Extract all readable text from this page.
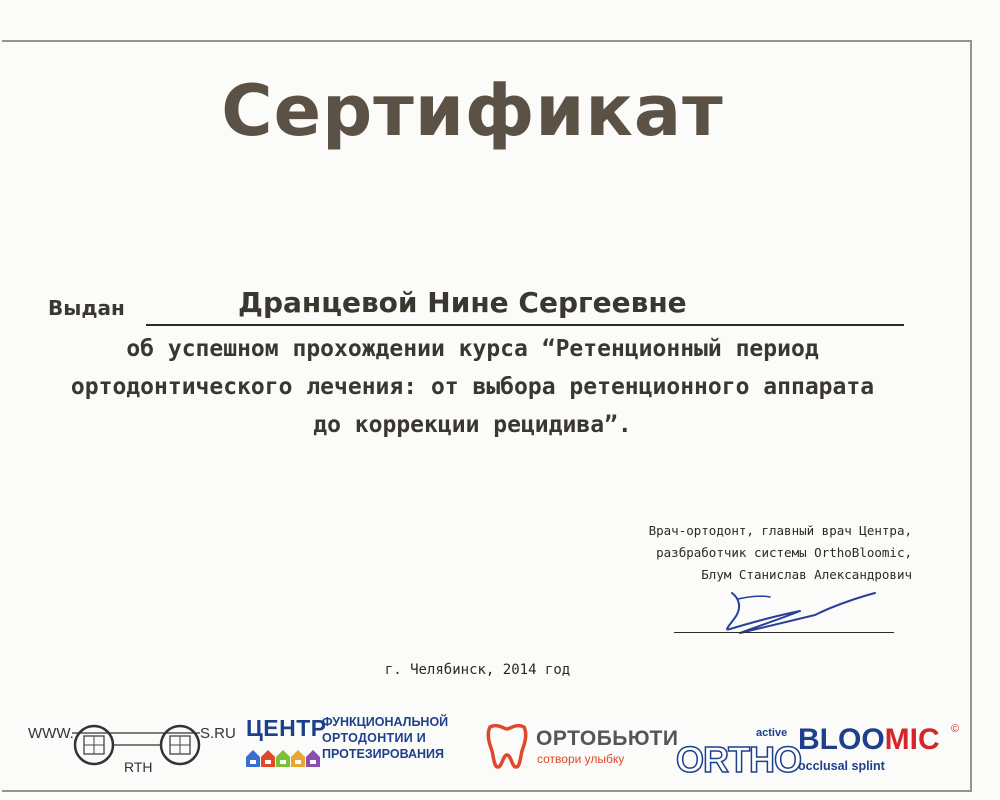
Сертификат
Выдан	Дранцевой Нине Сергеевне
об успешном прохождении курса “Ретенционный период
ортодонтического лечения: от выбора ретенционного аппарата
до коррекции рецидива”.
Врач-ортодонт, главный врач Центра,
разбработчик системы OrthoBloomic,
Блум Станислав Александрович
г. Челябинск, 2014 год
WWW.
RTH
S.RU ЦЕНТР
ФУНКЦИОНАЛЬНОЙ
ОРТОДОНТИИ И
ПРОТЕЗИРОВАНИЯ
ОРТОБЬЮТИ
сотвори улыбку
active
ORTHO
BLOOMIC ©
occlusal splint
